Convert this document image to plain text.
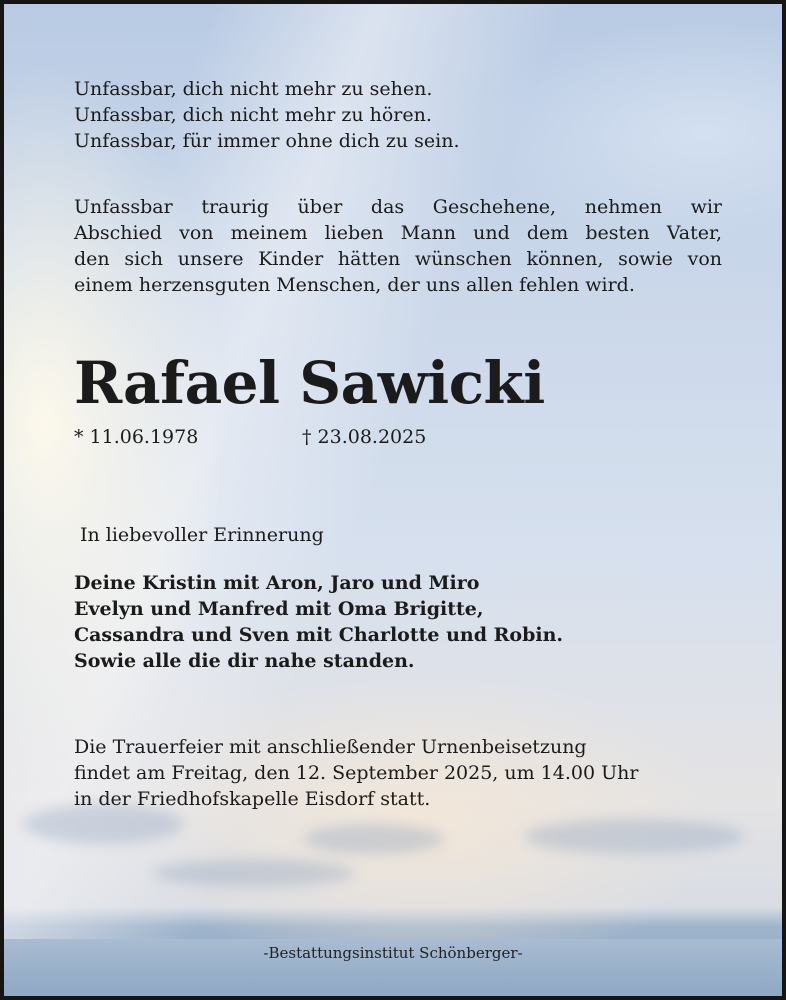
Unfassbar, dich nicht mehr zu sehen.
Unfassbar, dich nicht mehr zu hören.
Unfassbar, für immer ohne dich zu sein.
Unfassbar traurig über das Geschehene, nehmen wir
Abschied von meinem lieben Mann und dem besten Vater,
den sich unsere Kinder hätten wünschen können, sowie von
einem herzensguten Menschen, der uns allen fehlen wird.
Rafael Sawicki
* 11.06.1978	† 23.08.2025
In liebevoller Erinnerung
Deine Kristin mit Aron, Jaro und Miro
Evelyn und Manfred mit Oma Brigitte,
Cassandra und Sven mit Charlotte und Robin.
Sowie alle die dir nahe standen.
Die Trauerfeier mit anschließender Urnenbeisetzung
findet am Freitag, den 12. September 2025, um 14.00 Uhr
in der Friedhofskapelle Eisdorf statt.
-Bestattungsinstitut Schönberger-
